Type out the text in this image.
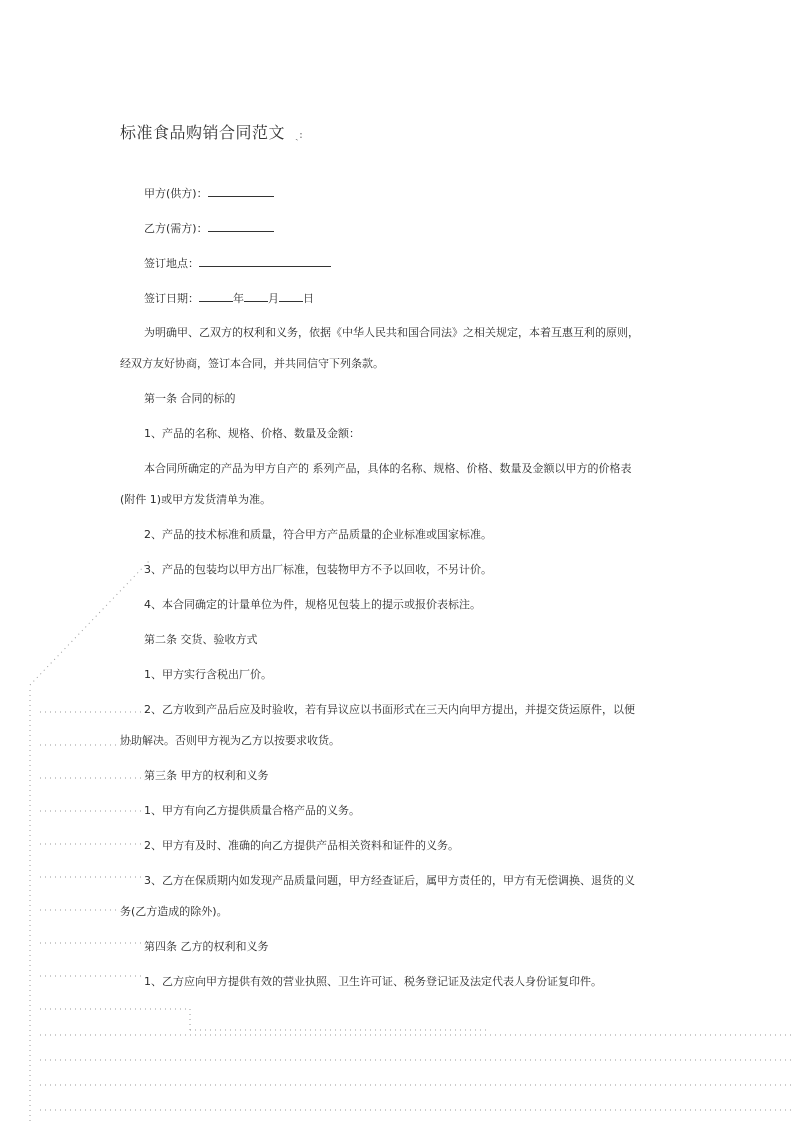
标准食品购销合同范文 ˎ:
甲方(供方)：
乙方(需方)：
签订地点：
签订日期：	年 月 日
为明确甲、乙双方的权利和义务，依据《中华人民共和国合同法》之相关规定，本着互惠互利的原则，
经双方友好协商，签订本合同，并共同信守下列条款。
第一条 合同的标的
1、产品的名称、规格、价格、数量及金额：
本合同所确定的产品为甲方自产的 系列产品，具体的名称、规格、价格、数量及金额以甲方的价格表
(附件 1)或甲方发货清单为准。
2、产品的技术标准和质量，符合甲方产品质量的企业标准或国家标准。
3、产品的包装均以甲方出厂标准，包装物甲方不予以回收，不另计价。
4、本合同确定的计量单位为件，规格见包装上的提示或报价表标注。
第二条 交货、验收方式
1、甲方实行含税出厂价。
2、乙方收到产品后应及时验收，若有异议应以书面形式在三天内向甲方提出，并提交货运原件，以便
协助解决。否则甲方视为乙方以按要求收货。
第三条 甲方的权利和义务
1、甲方有向乙方提供质量合格产品的义务。
2、甲方有及时、准确的向乙方提供产品相关资料和证件的义务。
3、乙方在保质期内如发现产品质量问题，甲方经查证后，属甲方责任的，甲方有无偿调换、退货的义
务(乙方造成的除外)。
第四条 乙方的权利和义务
1、乙方应向甲方提供有效的营业执照、卫生许可证、税务登记证及法定代表人身份证复印件。
